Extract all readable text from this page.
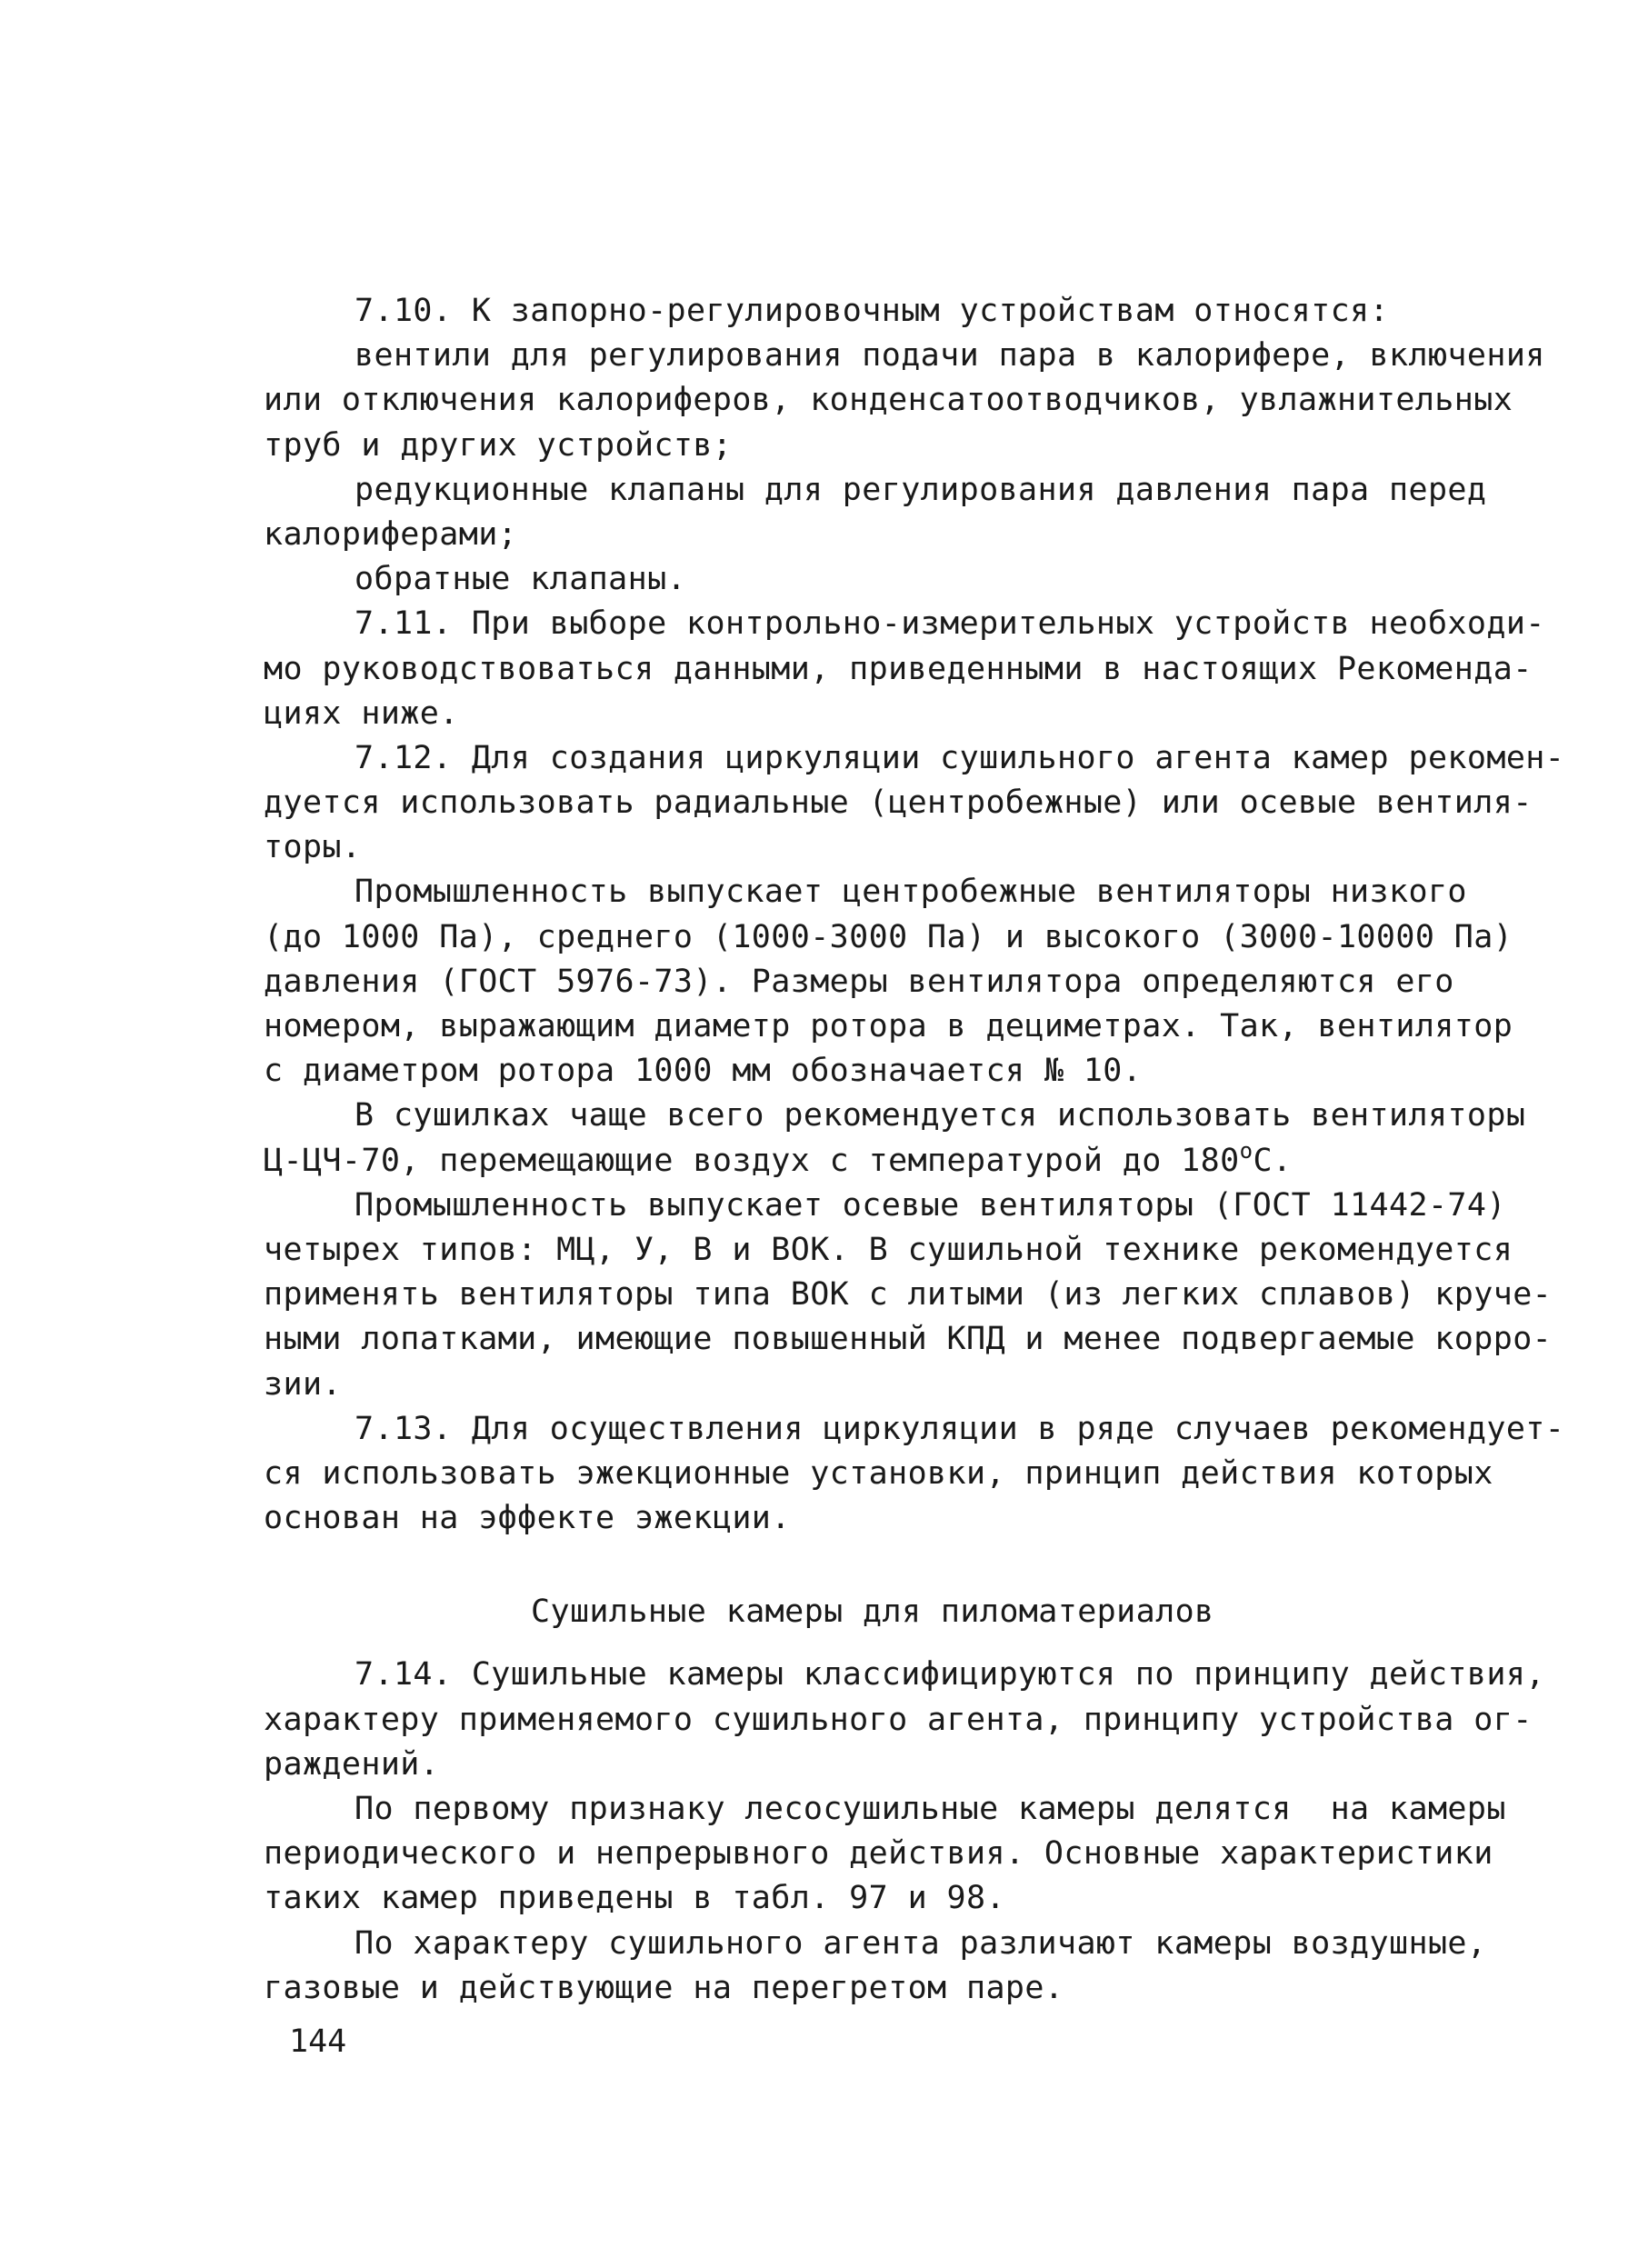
7.10. К запорно-регулировочным устройствам относятся:
вентили для регулирования подачи пара в калорифере, включения
или отключения калориферов, конденсатоотводчиков, увлажнительных
труб и других устройств;
редукционные клапаны для регулирования давления пара перед
калориферами;
обратные клапаны.
7.11. При выборе контрольно-измерительных устройств необходи-
мо руководствоваться данными, приведенными в настоящих Рекоменда-
циях ниже.
7.12. Для создания циркуляции сушильного агента камер рекомен-
дуется использовать радиальные (центробежные) или осевые вентиля-
торы.
Промышленность выпускает центробежные вентиляторы низкого
(до 1000 Па), среднего (1000-3000 Па) и высокого (3000-10000 Па)
давления (ГОСТ 5976-73). Размеры вентилятора определяются его
номером, выражающим диаметр ротора в дециметрах. Так, вентилятор
с диаметром ротора 1000 мм обозначается № 10.
В сушилках чаще всего рекомендуется использовать вентиляторы
Ц-ЦЧ-70, перемещающие воздух с температурой до $180^оС$.
Промышленность выпускает осевые вентиляторы (ГОСТ 11442-74)
четырех типов: МЦ, У, В и ВОК. В сушильной технике рекомендуется
применять вентиляторы типа ВОК с литыми (из легких сплавов) круче-
ными лопатками, имеющие повышенный КПД и менее подвергаемые корро-
зии.
7.13. Для осуществления циркуляции в ряде случаев рекомендует-
ся использовать эжекционные установки, принцип действия которых
основан на эффекте эжекции.
Сушильные камеры для пиломатериалов
7.14. Сушильные камеры классифицируются по принципу действия,
характеру применяемого сушильного агента, принципу устройства ог-
раждений.
По первому признаку лесосушильные камеры делятся  на камеры
периодического и непрерывного действия. Основные характеристики
таких камер приведены в табл. 97 и 98.
По характеру сушильного агента различают камеры воздушные,
газовые и действующие на перегретом паре.
144
